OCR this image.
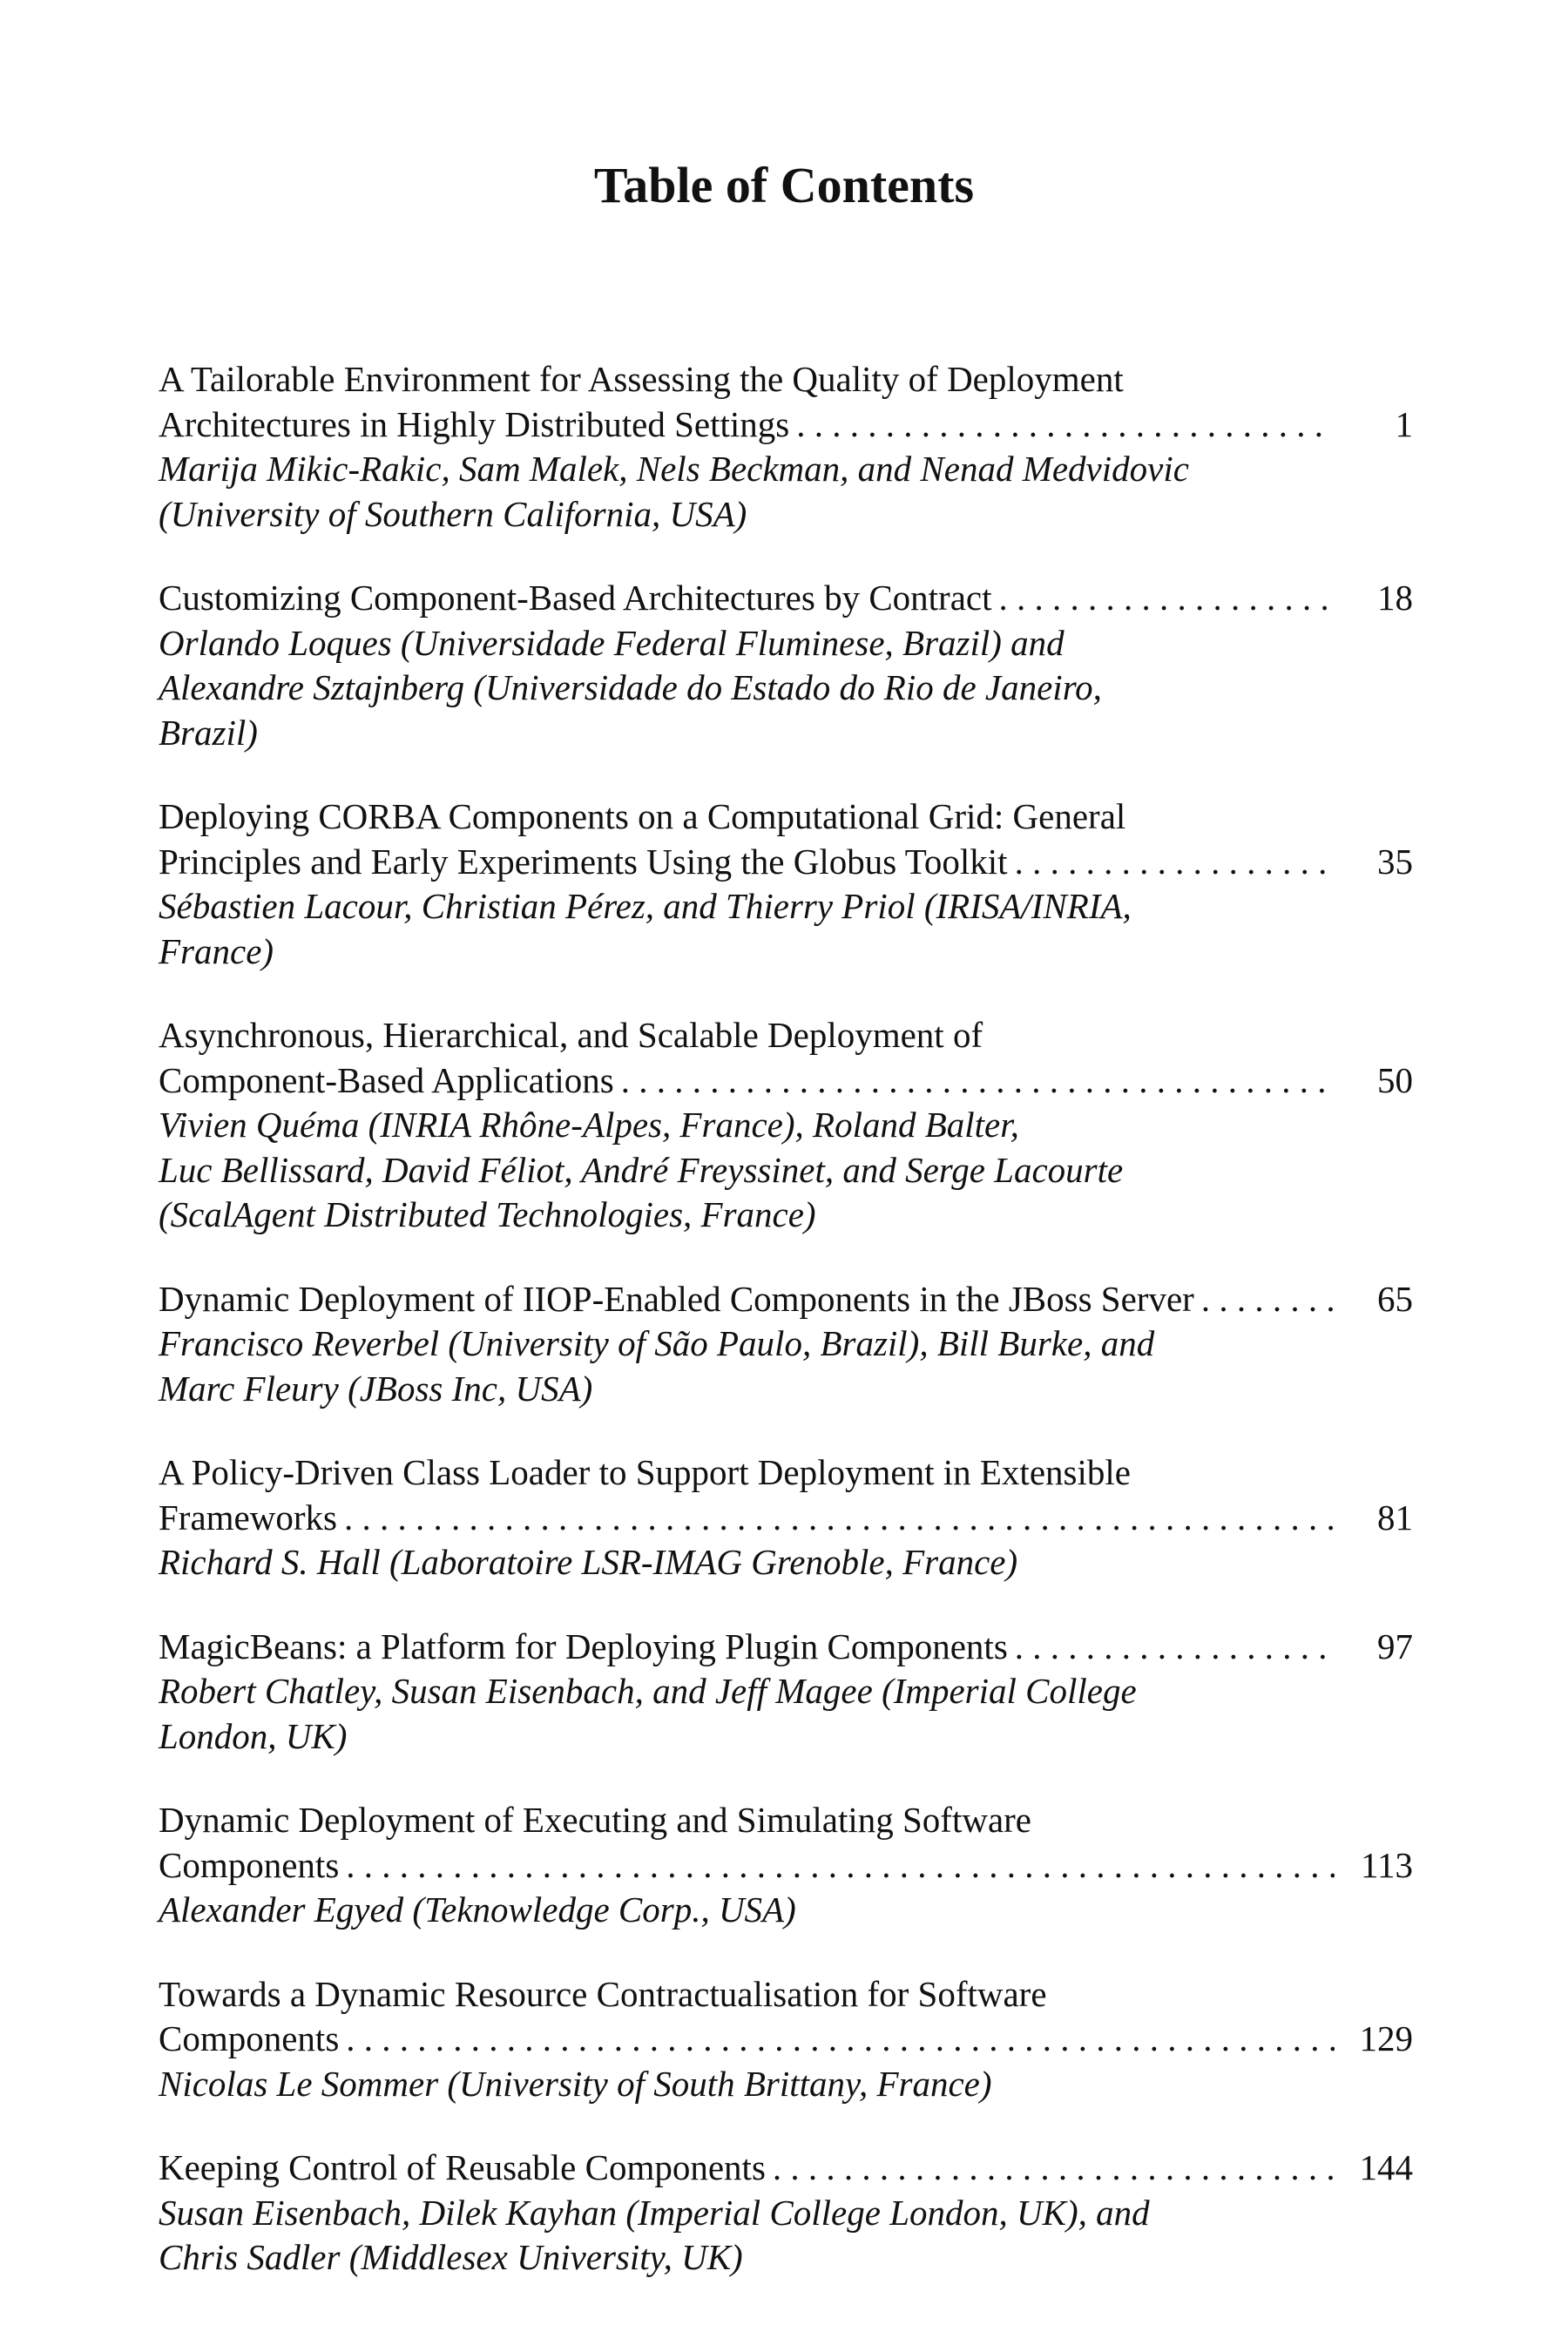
Table of Contents
A Tailorable Environment for Assessing the Quality of Deployment
Architectures in Highly Distributed Settings . . .	1
Marija Mikic-Rakic, Sam Malek, Nels Beckman, and Nenad Medvidovic
(University of Southern California, USA)
Customizing Component-Based Architectures by Contract . . .	18
Orlando Loques (Universidade Federal Fluminese, Brazil) and
Alexandre Sztajnberg (Universidade do Estado do Rio de Janeiro,
Brazil)
Deploying CORBA Components on a Computational Grid: General
Principles and Early Experiments Using the Globus Toolkit . . .	35
Sébastien Lacour, Christian Pérez, and Thierry Priol (IRISA/INRIA,
France)
Asynchronous, Hierarchical, and Scalable Deployment of
Component-Based Applications . . .	50
Vivien Quéma (INRIA Rhône-Alpes, France), Roland Balter,
Luc Bellissard, David Féliot, André Freyssinet, and Serge Lacourte
(ScalAgent Distributed Technologies, France)
Dynamic Deployment of IIOP-Enabled Components in the JBoss Server . . .	65
Francisco Reverbel (University of São Paulo, Brazil), Bill Burke, and
Marc Fleury (JBoss Inc, USA)
A Policy-Driven Class Loader to Support Deployment in Extensible
Frameworks . . .	81
Richard S. Hall (Laboratoire LSR-IMAG Grenoble, France)
MagicBeans: a Platform for Deploying Plugin Components . . .	97
Robert Chatley, Susan Eisenbach, and Jeff Magee (Imperial College
London, UK)
Dynamic Deployment of Executing and Simulating Software
Components . . .	113
Alexander Egyed (Teknowledge Corp., USA)
Towards a Dynamic Resource Contractualisation for Software
Components . . .	129
Nicolas Le Sommer (University of South Brittany, France)
Keeping Control of Reusable Components . . .	144
Susan Eisenbach, Dilek Kayhan (Imperial College London, UK), and
Chris Sadler (Middlesex University, UK)
